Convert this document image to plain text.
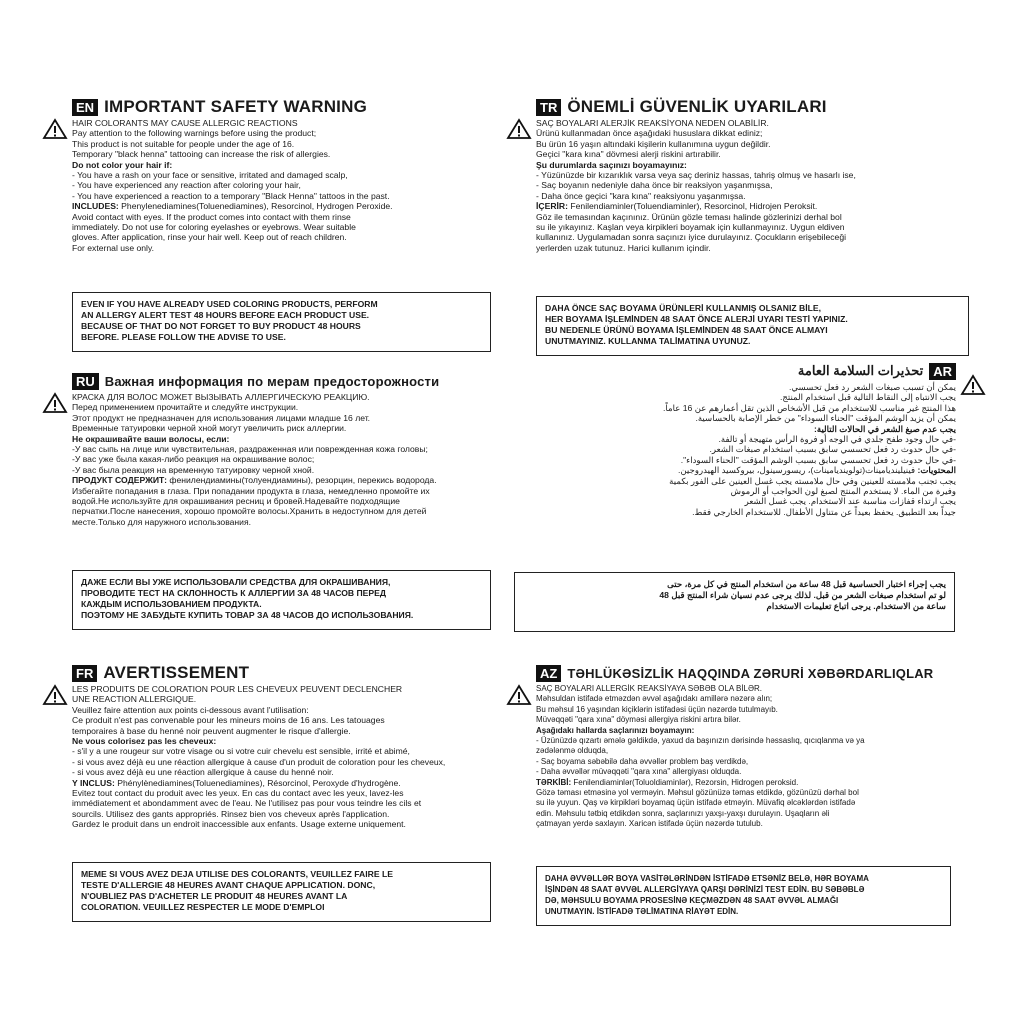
EN IMPORTANT SAFETY WARNING

HAIR COLORANTS MAY CAUSE ALLERGIC REACTIONS

Pay attention to the following warnings before using the product;

This product is not suitable for people under the age of 16.

Temporary "black henna" tattooing can increase the risk of allergies.

Do not color your hair if:

- You have a rash on your face or sensitive, irritated and damaged scalp,

- You have experienced any reaction after coloring your hair,

- You have experienced a reaction to a temporary "Black Henna" tattoos in the past.

INCLUDES: Phenylenediamines(Toluenediamines), Resorcinol, Hydrogen Peroxide.

Avoid contact with eyes. If the product comes into contact with them rinse

immediately. Do not use for coloring eyelashes or eyebrows. Wear suitable

gloves. After application, rinse your hair well. Keep out of reach children.

For external use only.

EVEN IF YOU HAVE ALREADY USED COLORING PRODUCTS, PERFORM
AN ALLERGY ALERT TEST 48 HOURS BEFORE EACH PRODUCT USE.
BECAUSE OF THAT DO NOT FORGET TO BUY PRODUCT 48 HOURS
BEFORE. PLEASE FOLLOW THE ADVISE TO USE.
TR ÖNEMLİ GÜVENLİK UYARILARI

SAÇ BOYALARI ALERJİK REAKSİYONA NEDEN OLABİLİR.

Ürünü kullanmadan önce aşağıdaki hususlara dikkat ediniz;

Bu ürün 16 yaşın altındaki kişilerin kullanımına uygun değildir.

Geçici "kara kına" dövmesi alerji riskini artırabilir.

Şu durumlarda saçınızı boyamayınız:

- Yüzünüzde bir kızarıklık varsa veya saç deriniz hassas, tahriş olmuş ve hasarlı ise,

- Saç boyanın nedeniyle daha önce bir reaksiyon yaşanmışsa,

- Daha önce geçici "kara kına" reaksiyonu yaşanmışsa.

İÇERİR: Fenilendiaminler(Toluendiaminler), Resorcinol, Hidrojen Peroksit.

Göz ile temasından kaçınınız. Ürünün gözle teması halinde gözlerinizi derhal bol

su ile yıkayınız. Kaşlan veya kirpikleri boyamak için kullanmayınız. Uygun eldiven

kullanınız. Uygulamadan sonra saçınızı iyice durulayınız. Çocukların erişebileceği

yerlerden uzak tutunuz. Harici kullanım içindir.

DAHA ÖNCE SAÇ BOYAMA ÜRÜNLERİ KULLANMIŞ OLSANIZ BİLE,
HER BOYAMA İŞLEMİNDEN 48 SAAT ÖNCE ALERJİ UYARI TESTİ YAPINIZ.
BU NEDENLE ÜRÜNÜ BOYAMA İŞLEMİNDEN 48 SAAT ÖNCE ALMAYI
UNUTMAYINIZ. KULLANMA TALİMATINA UYUNUZ.
RU Важная информация по мерам предосторожности

КРАСКА ДЛЯ ВОЛОС МОЖЕТ ВЫЗЫВАТЬ АЛЛЕРГИЧЕСКУЮ РЕАКЦИЮ.

Перед применением прочитайте и следуйте инструкции.

Этот продукт не предназначен для использования лицами младше 16 лет.

Временные татуировки черной хной могут увеличить риск аллергии.

Не окрашивайте ваши волосы, если:

-У вас сыпь на лице или чувствительная, раздраженная или поврежденная кожа головы;

-У вас уже была какая-либо реакция на окрашивание волос;

-У вас была реакция на временную татуировку черной хной.

ПРОДУКТ СОДЕРЖИТ: фенилендиамины(толуендиамины), резорцин, перекись водорода.

Избегайте попадания в глаза. При попадании продукта в глаза, немедленно промойте их

водой.Не используйте для окрашивания ресниц и бровей.Надевайте подходящие

перчатки.После нанесения, хорошо промойте волосы.Хранить в недоступном для детей

месте.Только для наружного использования.

ДАЖЕ ЕСЛИ ВЫ УЖЕ ИСПОЛЬЗОВАЛИ СРЕДСТВА ДЛЯ ОКРАШИВАНИЯ,
ПРОВОДИТЕ ТЕСТ НА СКЛОННОСТЬ К АЛЛЕРГИИ ЗА 48 ЧАСОВ ПЕРЕД
КАЖДЫМ ИСПОЛЬЗОВАНИЕМ ПРОДУКТА.
ПОЭТОМУ НЕ ЗАБУДЬТЕ КУПИТЬ ТОВАР ЗА 48 ЧАСОВ ДО ИСПОЛЬЗОВАНИЯ.
AR
تحذيرات السلامة العامة

يمكن أن تسبب صبغات الشعر رد فعل تحسسي.

يجب الانتباه إلى النقاط التالية قبل استخدام المنتج.

هذا المنتج غير مناسب للاستخدام من قبل الأشخاص الذين تقل أعمارهم عن 16 عاماً.

يمكن أن يزيد الوشم المؤقت "الحناء السوداء" من خطر الإصابة بالحساسية.

يجب عدم صبغ الشعر في الحالات التالية:

-في حال وجود طفح جلدي في الوجه أو فروة الرأس متهيجة أو تالفة.

-في حال حدوث رد فعل تحسسي سابق بسبب استخدام صبغات الشعر.

-في حال حدوث رد فعل تحسسي سابق بسبب الوشم المؤقت "الحناء السوداء".

المحتويات: فينيلينديامينات(تولوينديامينات)، ريسورسينول، بيروكسيد الهيدروجين.

يجب تجنب ملامسته للعينين وفي حال ملامسته يجب غسل العينين على الفور بكمية

وفيرة من الماء. لا يستخدم المنتج لصبغ لون الحواجب أو الرموش

يجب ارتداء قفازات مناسبة عند الاستخدام. يجب غسل الشعر

جيداً بعد التطبيق. يحفظ بعيداً عن متناول الأطفال. للاستخدام الخارجي فقط.

يجب إجراء اختبار الحساسية قبل 48 ساعة من استخدام المنتج في كل مرة، حتى
لو تم استخدام صبغات الشعر من قبل. لذلك يرجى عدم نسيان شراء المنتج قبل 48
ساعة من الاستخدام. يرجى اتباع تعليمات الاستخدام
FR AVERTISSEMENT

LES PRODUITS DE COLORATION POUR LES CHEVEUX PEUVENT DECLENCHER
UNE REACTION ALLERGIQUE.

Veuillez faire attention aux points ci-dessous avant l'utilisation:

Ce produit n'est pas convenable pour les mineurs moins de 16 ans. Les tatouages

temporaires à base du henné noir peuvent augmenter le risque d'allergie.

Ne vous colorisez pas les cheveux:

- s'il y a une rougeur sur votre visage ou si votre cuir chevelu est sensible, irrité et abimé,

- si vous avez déjà eu une réaction allergique à cause d'un produit de coloration pour les cheveux,

- si vous avez déjà eu une réaction allergique à cause du henné noir.

Y INCLUS: Phénylènediamines(Toluenediamines), Résorcinol, Peroxyde d'hydrogène.

Evitez tout contact du produit avec les yeux. En cas du contact avec les yeux, lavez-les

immédiatement et abondamment avec de l'eau. Ne l'utilisez pas pour vous teindre les cils et

sourcils. Utilisez des gants appropriés. Rinsez bien vos cheveux après l'application.

Gardez le produit dans un endroit inaccessible aux enfants. Usage externe uniquement.

MEME SI VOUS AVEZ DEJA UTILISE DES COLORANTS, VEUILLEZ FAIRE LE
TESTE D'ALLERGIE 48 HEURES AVANT CHAQUE APPLICATION. DONC,
N'OUBLIEZ PAS D'ACHETER LE PRODUIT 48 HEURES AVANT LA
COLORATION. VEUILLEZ RESPECTER LE MODE D'EMPLOI
AZ TƏHLÜKƏSİZLİK HAQQINDA ZƏRURİ XƏBƏRDARLIQLAR

SAÇ BOYALARI ALLERGİK REAKSİYAYA SƏBƏB OLA BİLƏR.

Məhsuldan istifadə etməzdən əvvəl aşağıdakı amillərə nəzərə alın;

Bu məhsul 16 yaşından kiçiklərin istifadəsi üçün nəzərdə tutulmayıb.

Müvəqqəti "qara xına" döyməsi allergiya riskini artıra bilər.

Aşağıdakı hallarda saçlarınızı boyamayın:

- Üzünüzdə qızartı əmələ gəldikdə, yaxud da başınızın dərisində həssaslıq, qıcıqlanma və ya

zədələnmə olduqda,

- Saç boyama səbəbilə daha əvvəllər problem baş verdikdə,

- Daha əvvəllər müvəqqəti "qara xına" allergiyası olduqda.

TƏRKİBİ: Fenilendiaminlər(Toluoldiaminlər), Rezorsin, Hidrogen peroksid.

Gözə təması etməsinə yol verməyin. Məhsul gözünüzə təmas etdikdə, gözünüzü dərhal bol

su ilə yuyun. Qaş və kirpikləri boyamaq üçün istifadə etməyin. Müvafiq əlcəklərdən istifadə

edin. Məhsulu tətbiq etdikdən sonra, saçlarınızı yaxşı-yaxşı durulayın. Uşaqların əli

çatmayan yerdə saxlayın. Xaricən istifadə üçün nəzərdə tutulub.

DAHA ƏVVƏLLƏR BOYA VASİTƏLƏRİNDƏN İSTİFADƏ ETSƏNİZ BELƏ, HƏR BOYAMA
İŞİNDƏN 48 SAAT ƏVVƏL ALLERGİYAYA QARŞI DƏRİNİZİ TEST EDİN. BU SƏBƏBLƏ
DƏ, MƏHSULU BOYAMA PROSESİNƏ KEÇMƏZDƏN 48 SAAT ƏVVƏL ALMAĞI
UNUTMAYIN. İSTİFADƏ TƏLİMATINA RİAYƏT EDİN.
